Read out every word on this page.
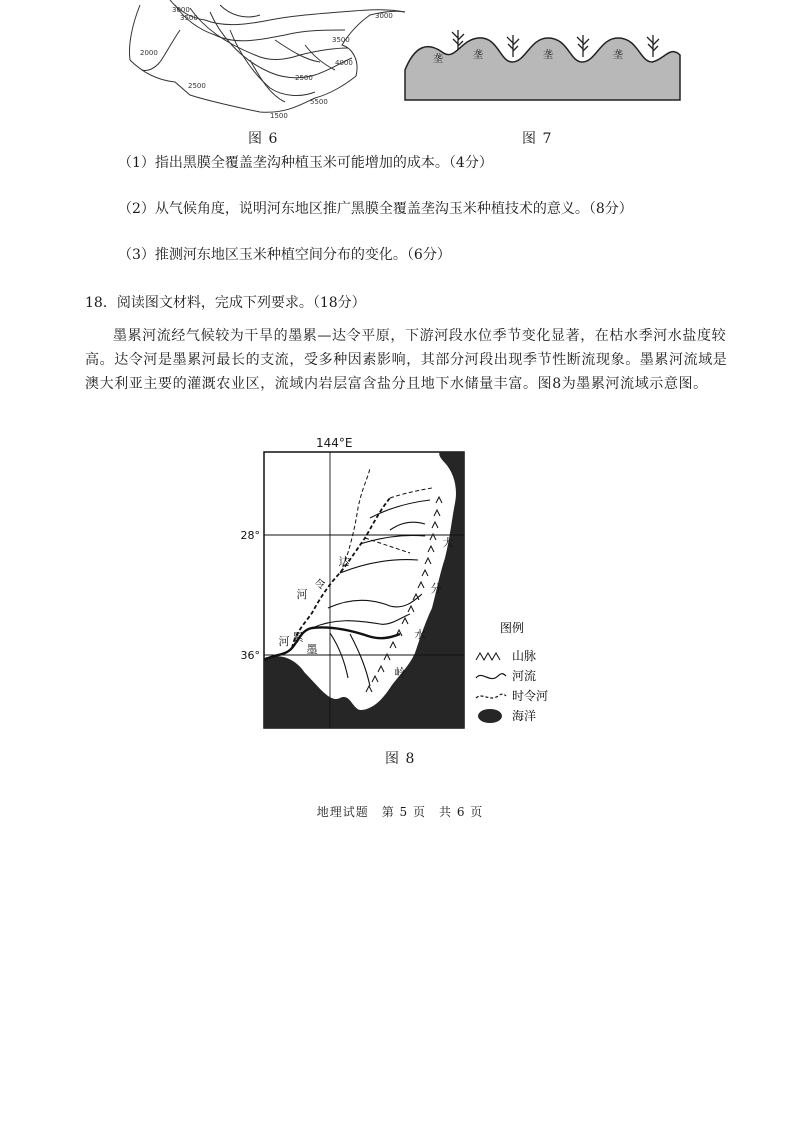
3000
3500
2000
2500
3000
3500
4000
2500
1500
5500
垄	垄	垄
垄
图 6	图 7
（1）指出黑膜全覆盖垄沟种植玉米可能增加的成本。（4分）
（2）从气候角度，说明河东地区推广黑膜全覆盖垄沟玉米种植技术的意义。（8分）
（3）推测河东地区玉米种植空间分布的变化。（6分）
18．阅读图文材料，完成下列要求。（18分）
墨累河流经气候较为干旱的墨累—达令平原，下游河段水位季节变化显著，在枯水季河水盐度较高。达令河是墨累河最长的支流，受多种因素影响，其部分河段出现季节性断流现象。墨累河流域是澳大利亚主要的灌溉农业区，流域内岩层富含盐分且地下水储量丰富。图8为墨累河流域示意图。
144°E
28°
36°
达
令
河
墨
累
河
大
分
水
岭
图例
山脉
河流
时令河
海洋
图 8
地理试题　第 5 页　共 6 页
